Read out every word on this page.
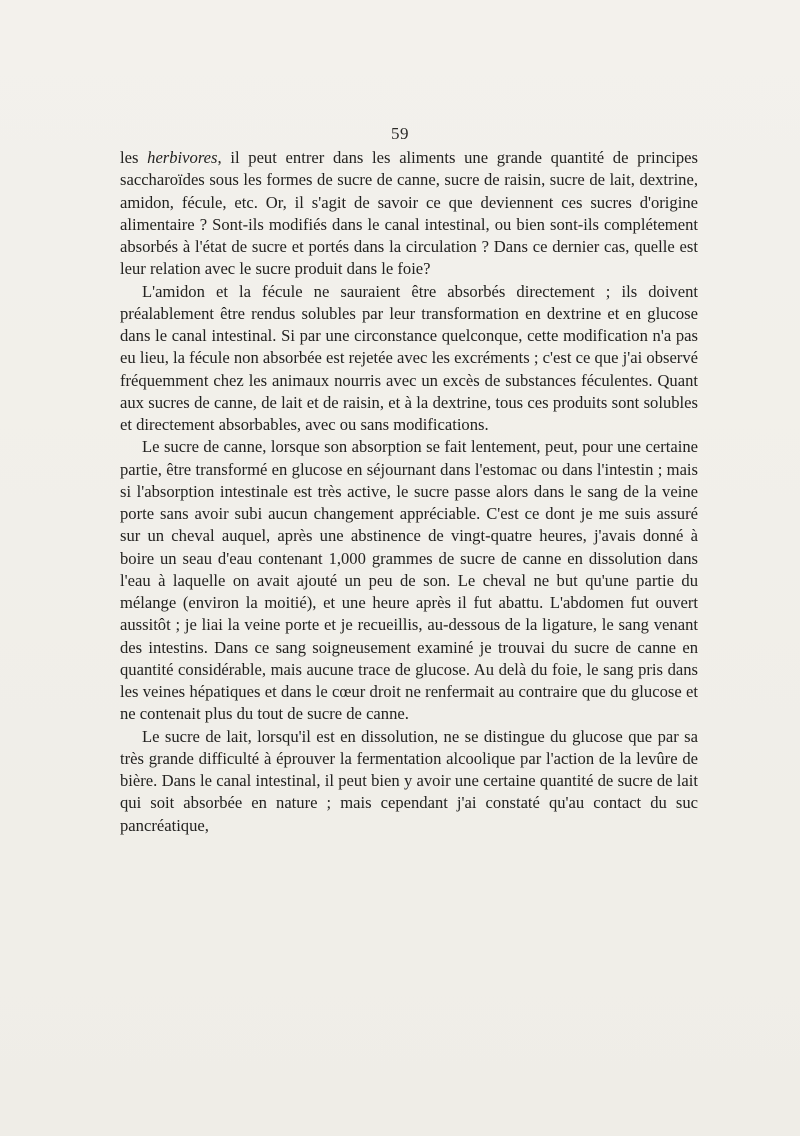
59

les herbivores, il peut entrer dans les aliments une grande quantité de principes saccharoïdes sous les formes de sucre de canne, sucre de raisin, sucre de lait, dextrine, amidon, fécule, etc. Or, il s'agit de savoir ce que deviennent ces sucres d'origine alimentaire ? Sont-ils modifiés dans le canal intestinal, ou bien sont-ils complétement absorbés à l'état de sucre et portés dans la circulation ? Dans ce dernier cas, quelle est leur relation avec le sucre produit dans le foie?

L'amidon et la fécule ne sauraient être absorbés directement ; ils doivent préalablement être rendus solubles par leur transformation en dextrine et en glucose dans le canal intestinal. Si par une circonstance quelconque, cette modification n'a pas eu lieu, la fécule non absorbée est rejetée avec les excréments ; c'est ce que j'ai observé fréquemment chez les animaux nourris avec un excès de substances féculentes. Quant aux sucres de canne, de lait et de raisin, et à la dextrine, tous ces produits sont solubles et directement absorbables, avec ou sans modifications.

Le sucre de canne, lorsque son absorption se fait lentement, peut, pour une certaine partie, être transformé en glucose en séjournant dans l'estomac ou dans l'intestin ; mais si l'absorption intestinale est très active, le sucre passe alors dans le sang de la veine porte sans avoir subi aucun changement appréciable. C'est ce dont je me suis assuré sur un cheval auquel, après une abstinence de vingt-quatre heures, j'avais donné à boire un seau d'eau contenant 1,000 grammes de sucre de canne en dissolution dans l'eau à laquelle on avait ajouté un peu de son. Le cheval ne but qu'une partie du mélange (environ la moitié), et une heure après il fut abattu. L'abdomen fut ouvert aussitôt ; je liai la veine porte et je recueillis, au-dessous de la ligature, le sang venant des intestins. Dans ce sang soigneusement examiné je trouvai du sucre de canne en quantité considérable, mais aucune trace de glucose. Au delà du foie, le sang pris dans les veines hépatiques et dans le cœur droit ne renfermait au contraire que du glucose et ne contenait plus du tout de sucre de canne.

Le sucre de lait, lorsqu'il est en dissolution, ne se distingue du glucose que par sa très grande difficulté à éprouver la fermentation alcoolique par l'action de la levûre de bière. Dans le canal intestinal, il peut bien y avoir une certaine quantité de sucre de lait qui soit absorbée en nature ; mais cependant j'ai constaté qu'au contact du suc pancréatique,
